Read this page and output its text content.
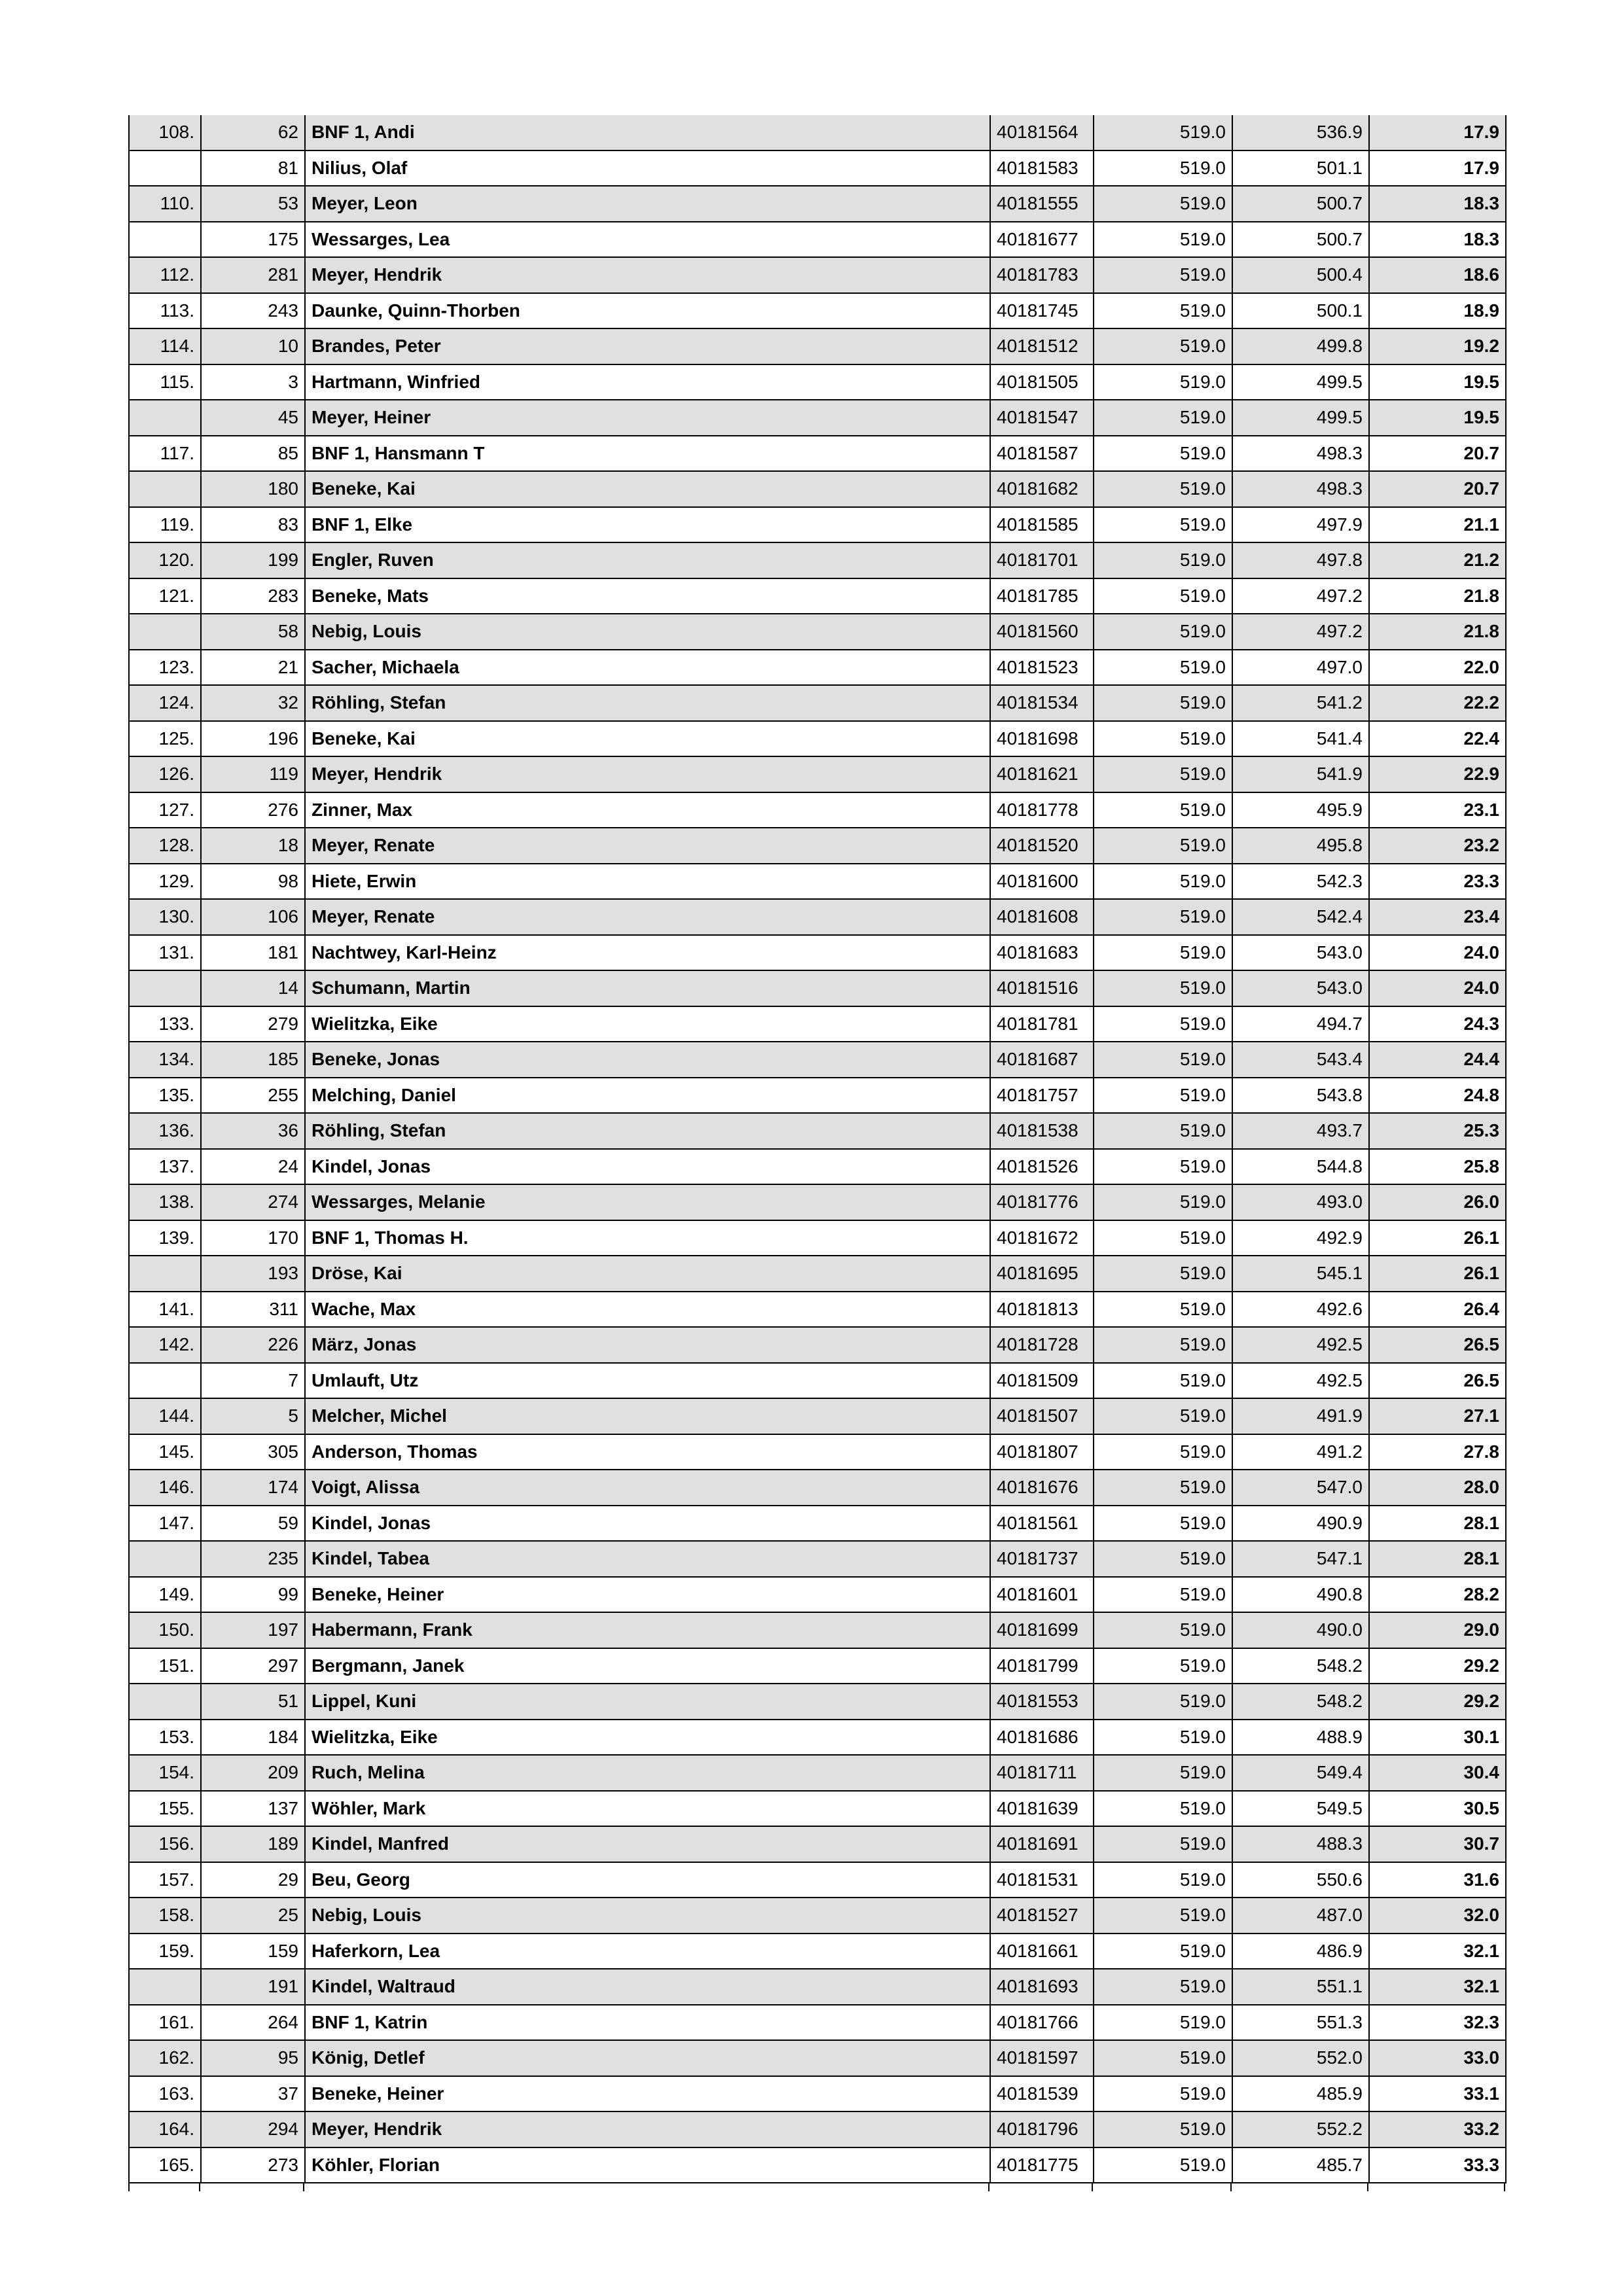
108.	62	BNF 1, Andi	40181564	519.0	536.9	17.9
	81	Nilius, Olaf	40181583	519.0	501.1	17.9
110.	53	Meyer, Leon	40181555	519.0	500.7	18.3
	175	Wessarges, Lea	40181677	519.0	500.7	18.3
112.	281	Meyer, Hendrik	40181783	519.0	500.4	18.6
113.	243	Daunke, Quinn-Thorben	40181745	519.0	500.1	18.9
114.	10	Brandes, Peter	40181512	519.0	499.8	19.2
115.	3	Hartmann, Winfried	40181505	519.0	499.5	19.5
	45	Meyer, Heiner	40181547	519.0	499.5	19.5
117.	85	BNF 1, Hansmann T	40181587	519.0	498.3	20.7
	180	Beneke, Kai	40181682	519.0	498.3	20.7
119.	83	BNF 1, Elke	40181585	519.0	497.9	21.1
120.	199	Engler, Ruven	40181701	519.0	497.8	21.2
121.	283	Beneke, Mats	40181785	519.0	497.2	21.8
	58	Nebig, Louis	40181560	519.0	497.2	21.8
123.	21	Sacher, Michaela	40181523	519.0	497.0	22.0
124.	32	Röhling, Stefan	40181534	519.0	541.2	22.2
125.	196	Beneke, Kai	40181698	519.0	541.4	22.4
126.	119	Meyer, Hendrik	40181621	519.0	541.9	22.9
127.	276	Zinner, Max	40181778	519.0	495.9	23.1
128.	18	Meyer, Renate	40181520	519.0	495.8	23.2
129.	98	Hiete, Erwin	40181600	519.0	542.3	23.3
130.	106	Meyer, Renate	40181608	519.0	542.4	23.4
131.	181	Nachtwey, Karl-Heinz	40181683	519.0	543.0	24.0
	14	Schumann, Martin	40181516	519.0	543.0	24.0
133.	279	Wielitzka, Eike	40181781	519.0	494.7	24.3
134.	185	Beneke, Jonas	40181687	519.0	543.4	24.4
135.	255	Melching, Daniel	40181757	519.0	543.8	24.8
136.	36	Röhling, Stefan	40181538	519.0	493.7	25.3
137.	24	Kindel, Jonas	40181526	519.0	544.8	25.8
138.	274	Wessarges, Melanie	40181776	519.0	493.0	26.0
139.	170	BNF 1, Thomas H.	40181672	519.0	492.9	26.1
	193	Dröse, Kai	40181695	519.0	545.1	26.1
141.	311	Wache, Max	40181813	519.0	492.6	26.4
142.	226	März, Jonas	40181728	519.0	492.5	26.5
	7	Umlauft, Utz	40181509	519.0	492.5	26.5
144.	5	Melcher, Michel	40181507	519.0	491.9	27.1
145.	305	Anderson, Thomas	40181807	519.0	491.2	27.8
146.	174	Voigt, Alissa	40181676	519.0	547.0	28.0
147.	59	Kindel, Jonas	40181561	519.0	490.9	28.1
	235	Kindel, Tabea	40181737	519.0	547.1	28.1
149.	99	Beneke, Heiner	40181601	519.0	490.8	28.2
150.	197	Habermann, Frank	40181699	519.0	490.0	29.0
151.	297	Bergmann, Janek	40181799	519.0	548.2	29.2
	51	Lippel, Kuni	40181553	519.0	548.2	29.2
153.	184	Wielitzka, Eike	40181686	519.0	488.9	30.1
154.	209	Ruch, Melina	40181711	519.0	549.4	30.4
155.	137	Wöhler, Mark	40181639	519.0	549.5	30.5
156.	189	Kindel, Manfred	40181691	519.0	488.3	30.7
157.	29	Beu, Georg	40181531	519.0	550.6	31.6
158.	25	Nebig, Louis	40181527	519.0	487.0	32.0
159.	159	Haferkorn, Lea	40181661	519.0	486.9	32.1
	191	Kindel, Waltraud	40181693	519.0	551.1	32.1
161.	264	BNF 1, Katrin	40181766	519.0	551.3	32.3
162.	95	König, Detlef	40181597	519.0	552.0	33.0
163.	37	Beneke, Heiner	40181539	519.0	485.9	33.1
164.	294	Meyer, Hendrik	40181796	519.0	552.2	33.2
165.	273	Köhler, Florian	40181775	519.0	485.7	33.3
